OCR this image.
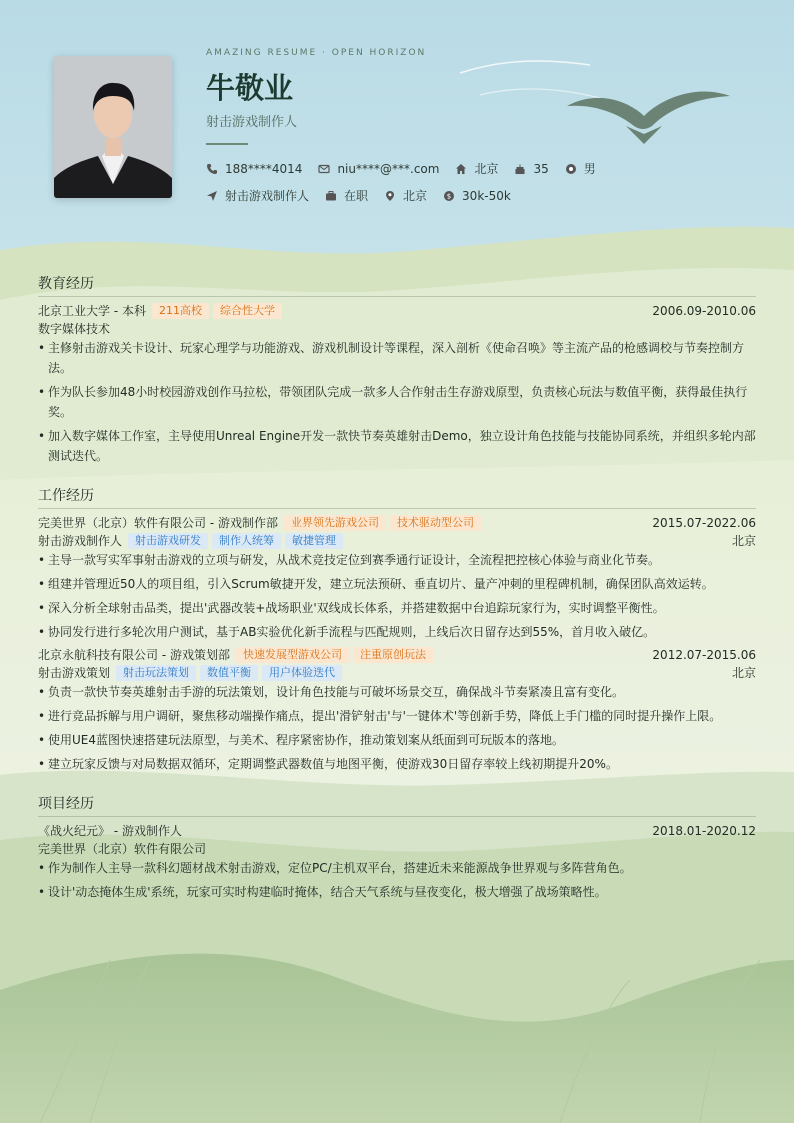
AMAZING RESUME · OPEN HORIZON
牛敬业
射击游戏制作人
188****4014	niu****@***.com	北京	35	男
射击游戏制作人	在职	北京	$ 30k-50k
教育经历
北京工业大学 - 本科	211高校	综合性大学	2006.09-2010.06
数字媒体技术
• 主修射击游戏关卡设计、玩家心理学与功能游戏、游戏机制设计等课程，深入剖析《使命召唤》等主流产品的枪感调校与节奏控制方法。
• 作为队长参加48小时校园游戏创作马拉松，带领团队完成一款多人合作射击生存游戏原型，负责核心玩法与数值平衡，获得最佳执行奖。
• 加入数字媒体工作室，主导使用Unreal Engine开发一款快节奏英雄射击Demo，独立设计角色技能与技能协同系统，并组织多轮内部测试迭代。
工作经历
完美世界（北京）软件有限公司 - 游戏制作部	业界领先游戏公司	技术驱动型公司	2015.07-2022.06
射击游戏制作人	射击游戏研发	制作人统筹	敏捷管理	北京
• 主导一款写实军事射击游戏的立项与研发，从战术竞技定位到赛季通行证设计，全流程把控核心体验与商业化节奏。
• 组建并管理近50人的项目组，引入Scrum敏捷开发，建立玩法预研、垂直切片、量产冲刺的里程碑机制，确保团队高效运转。
• 深入分析全球射击品类，提出'武器改装+战场职业'双线成长体系，并搭建数据中台追踪玩家行为，实时调整平衡性。
• 协同发行进行多轮次用户测试，基于AB实验优化新手流程与匹配规则，上线后次日留存达到55%，首月收入破亿。
北京永航科技有限公司 - 游戏策划部	快速发展型游戏公司	注重原创玩法	2012.07-2015.06
射击游戏策划	射击玩法策划	数值平衡	用户体验迭代	北京
• 负责一款快节奏英雄射击手游的玩法策划，设计角色技能与可破坏场景交互，确保战斗节奏紧凑且富有变化。
• 进行竞品拆解与用户调研，聚焦移动端操作痛点，提出'滑铲射击'与'一键体术'等创新手势，降低上手门槛的同时提升操作上限。
• 使用UE4蓝图快速搭建玩法原型，与美术、程序紧密协作，推动策划案从纸面到可玩版本的落地。
• 建立玩家反馈与对局数据双循环，定期调整武器数值与地图平衡，使游戏30日留存率较上线初期提升20%。
项目经历
《战火纪元》 - 游戏制作人	2018.01-2020.12
完美世界（北京）软件有限公司
• 作为制作人主导一款科幻题材战术射击游戏，定位PC/主机双平台，搭建近未来能源战争世界观与多阵营角色。
• 设计'动态掩体生成'系统，玩家可实时构建临时掩体，结合天气系统与昼夜变化，极大增强了战场策略性。
